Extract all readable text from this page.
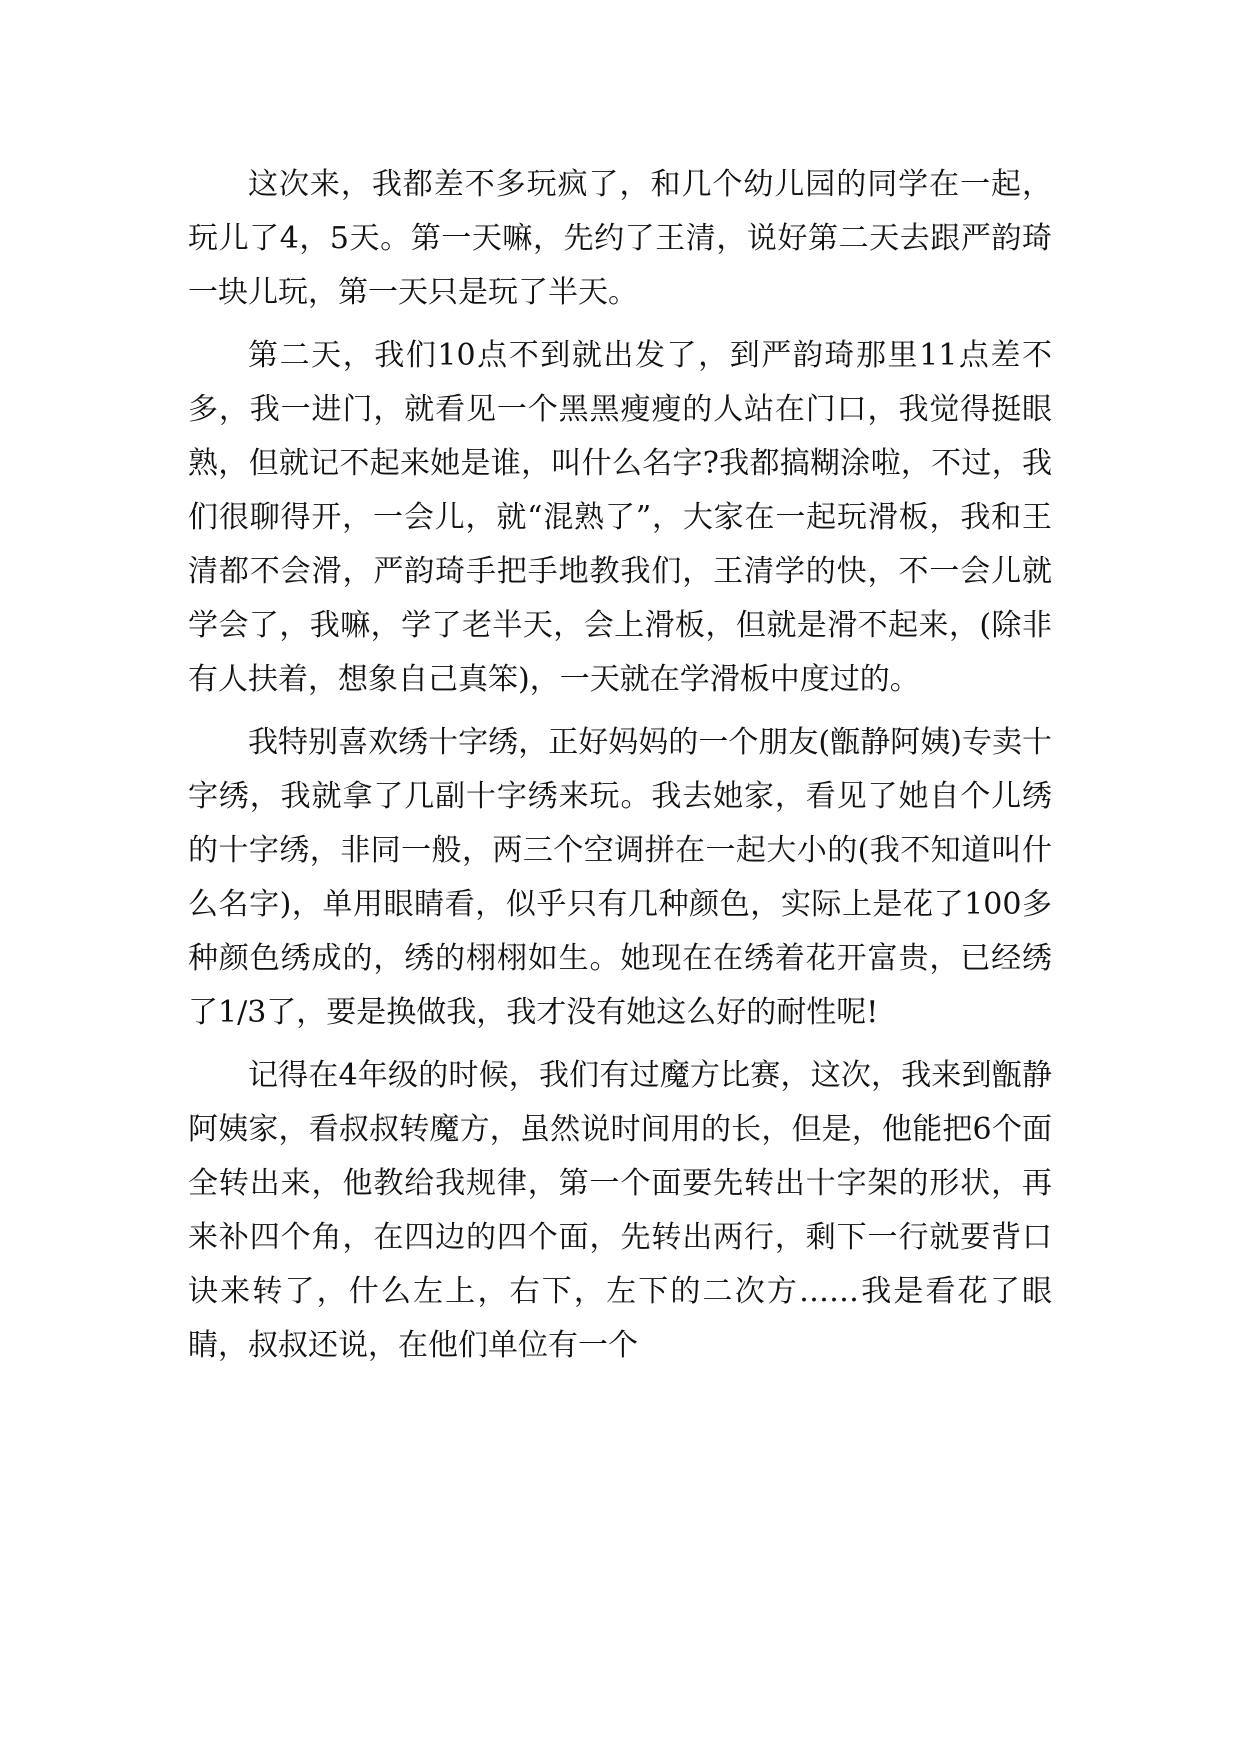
这次来，我都差不多玩疯了，和几个幼儿园的同学在一起，玩儿了4，5天。第一天嘛，先约了王清，说好第二天去跟严韵琦一块儿玩，第一天只是玩了半天。

第二天，我们10点不到就出发了，到严韵琦那里11点差不多，我一进门，就看见一个黑黑瘦瘦的人站在门口，我觉得挺眼熟，但就记不起来她是谁，叫什么名字?我都搞糊涂啦，不过，我们很聊得开，一会儿，就“混熟了”，大家在一起玩滑板，我和王清都不会滑，严韵琦手把手地教我们，王清学的快，不一会儿就学会了，我嘛，学了老半天，会上滑板，但就是滑不起来，(除非有人扶着，想象自己真笨)，一天就在学滑板中度过的。

我特别喜欢绣十字绣，正好妈妈的一个朋友(甑静阿姨)专卖十字绣，我就拿了几副十字绣来玩。我去她家，看见了她自个儿绣的十字绣，非同一般，两三个空调拼在一起大小的(我不知道叫什么名字)，单用眼睛看，似乎只有几种颜色，实际上是花了100多种颜色绣成的，绣的栩栩如生。她现在在绣着花开富贵，已经绣了1/3了，要是换做我，我才没有她这么好的耐性呢!

记得在4年级的时候，我们有过魔方比赛，这次，我来到甑静阿姨家，看叔叔转魔方，虽然说时间用的长，但是，他能把6个面全转出来，他教给我规律，第一个面要先转出十字架的形状，再来补四个角，在四边的四个面，先转出两行，剩下一行就要背口诀来转了，什么左上，右下，左下的二次方……我是看花了眼睛，叔叔还说，在他们单位有一个
